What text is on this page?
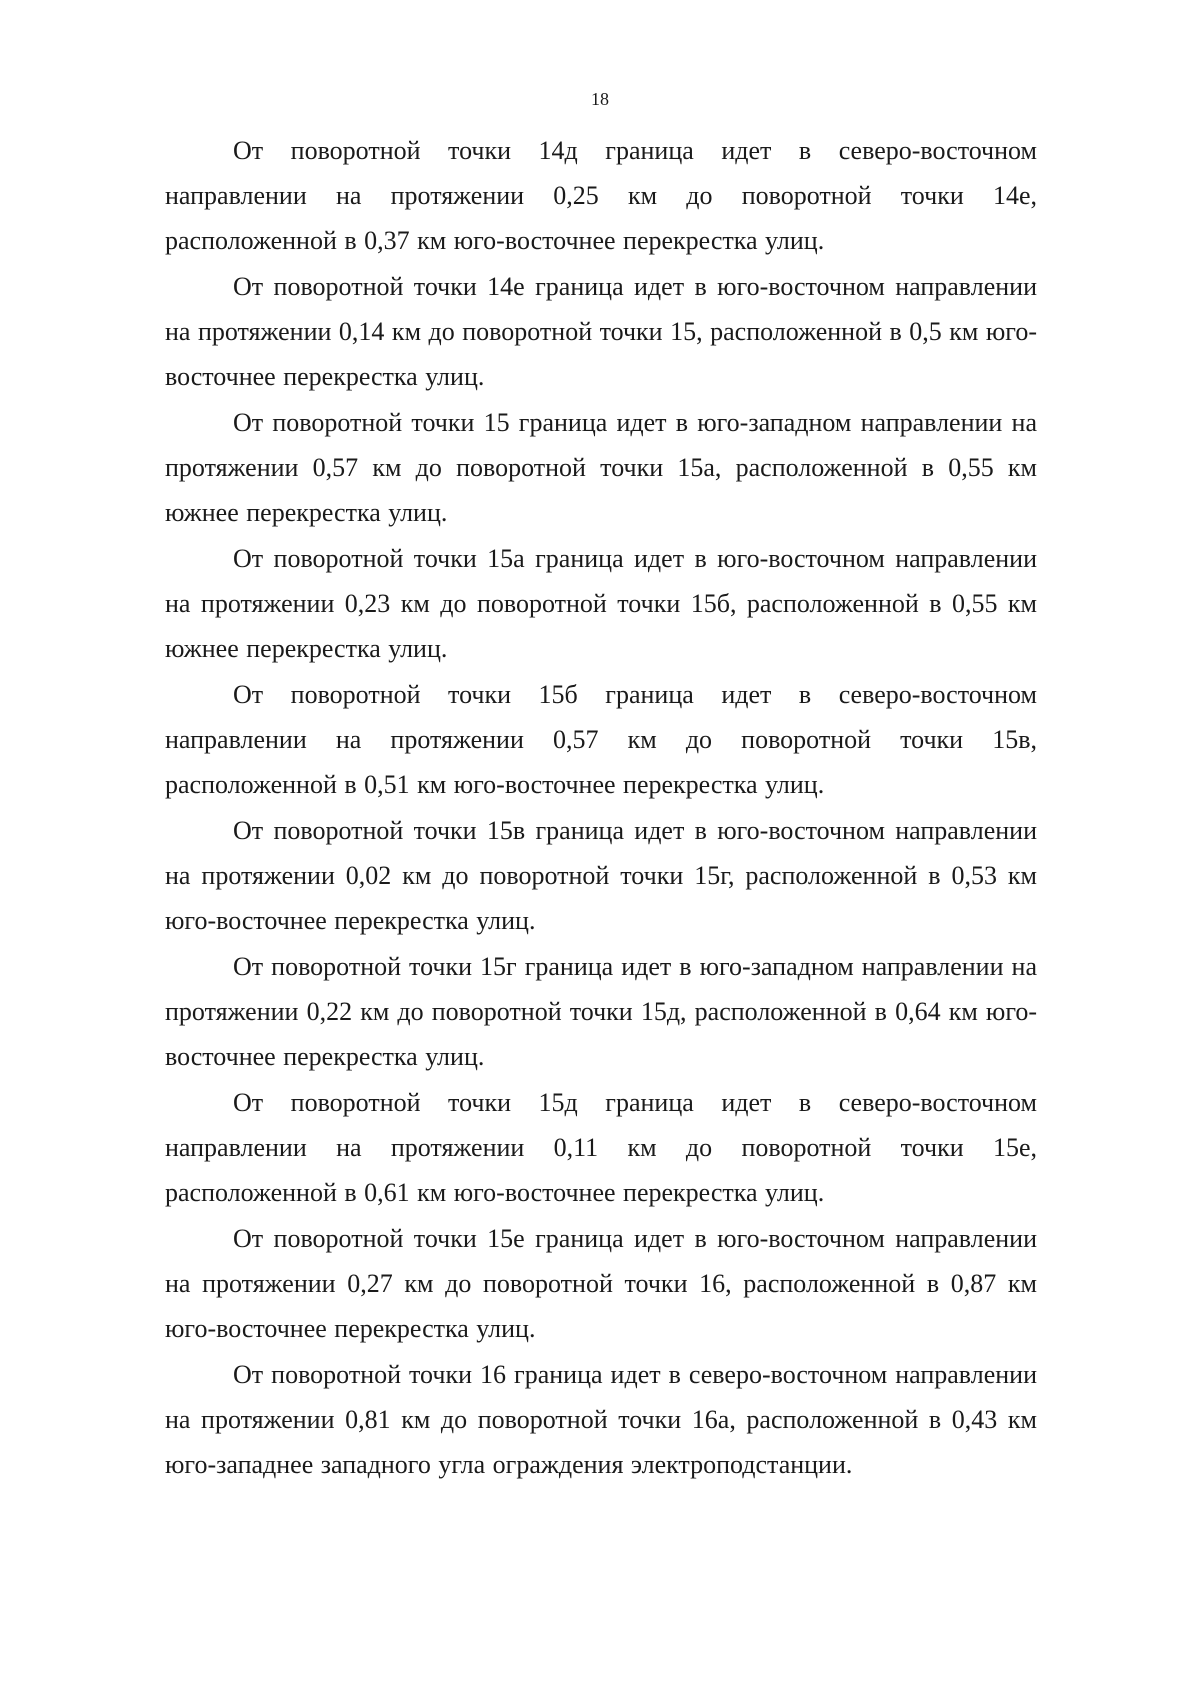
18

От поворотной точки 14д граница идет в северо-восточном направлении на протяжении 0,25 км до поворотной точки 14е, расположенной в 0,37 км юго-восточнее перекрестка улиц.

От поворотной точки 14е граница идет в юго-восточном направлении на протяжении 0,14 км до поворотной точки 15, расположенной в 0,5 км юго-восточнее перекрестка улиц.

От поворотной точки 15 граница идет в юго-западном направлении на протяжении 0,57 км до поворотной точки 15а, расположенной в 0,55 км южнее перекрестка улиц.

От поворотной точки 15а граница идет в юго-восточном направлении на протяжении 0,23 км до поворотной точки 15б, расположенной в 0,55 км южнее перекрестка улиц.

От поворотной точки 15б граница идет в северо-восточном направлении на протяжении 0,57 км до поворотной точки 15в, расположенной в 0,51 км юго-восточнее перекрестка улиц.

От поворотной точки 15в граница идет в юго-восточном направлении на протяжении 0,02 км до поворотной точки 15г, расположенной в 0,53 км юго-восточнее перекрестка улиц.

От поворотной точки 15г граница идет в юго-западном направлении на протяжении 0,22 км до поворотной точки 15д, расположенной в 0,64 км юго-восточнее перекрестка улиц.

От поворотной точки 15д граница идет в северо-восточном направлении на протяжении 0,11 км до поворотной точки 15е, расположенной в 0,61 км юго-восточнее перекрестка улиц.

От поворотной точки 15е граница идет в юго-восточном направлении на протяжении 0,27 км до поворотной точки 16, расположенной в 0,87 км юго-восточнее перекрестка улиц.

От поворотной точки 16 граница идет в северо-восточном направлении на протяжении 0,81 км до поворотной точки 16а, расположенной в 0,43 км юго-западнее западного угла ограждения электроподстанции.
